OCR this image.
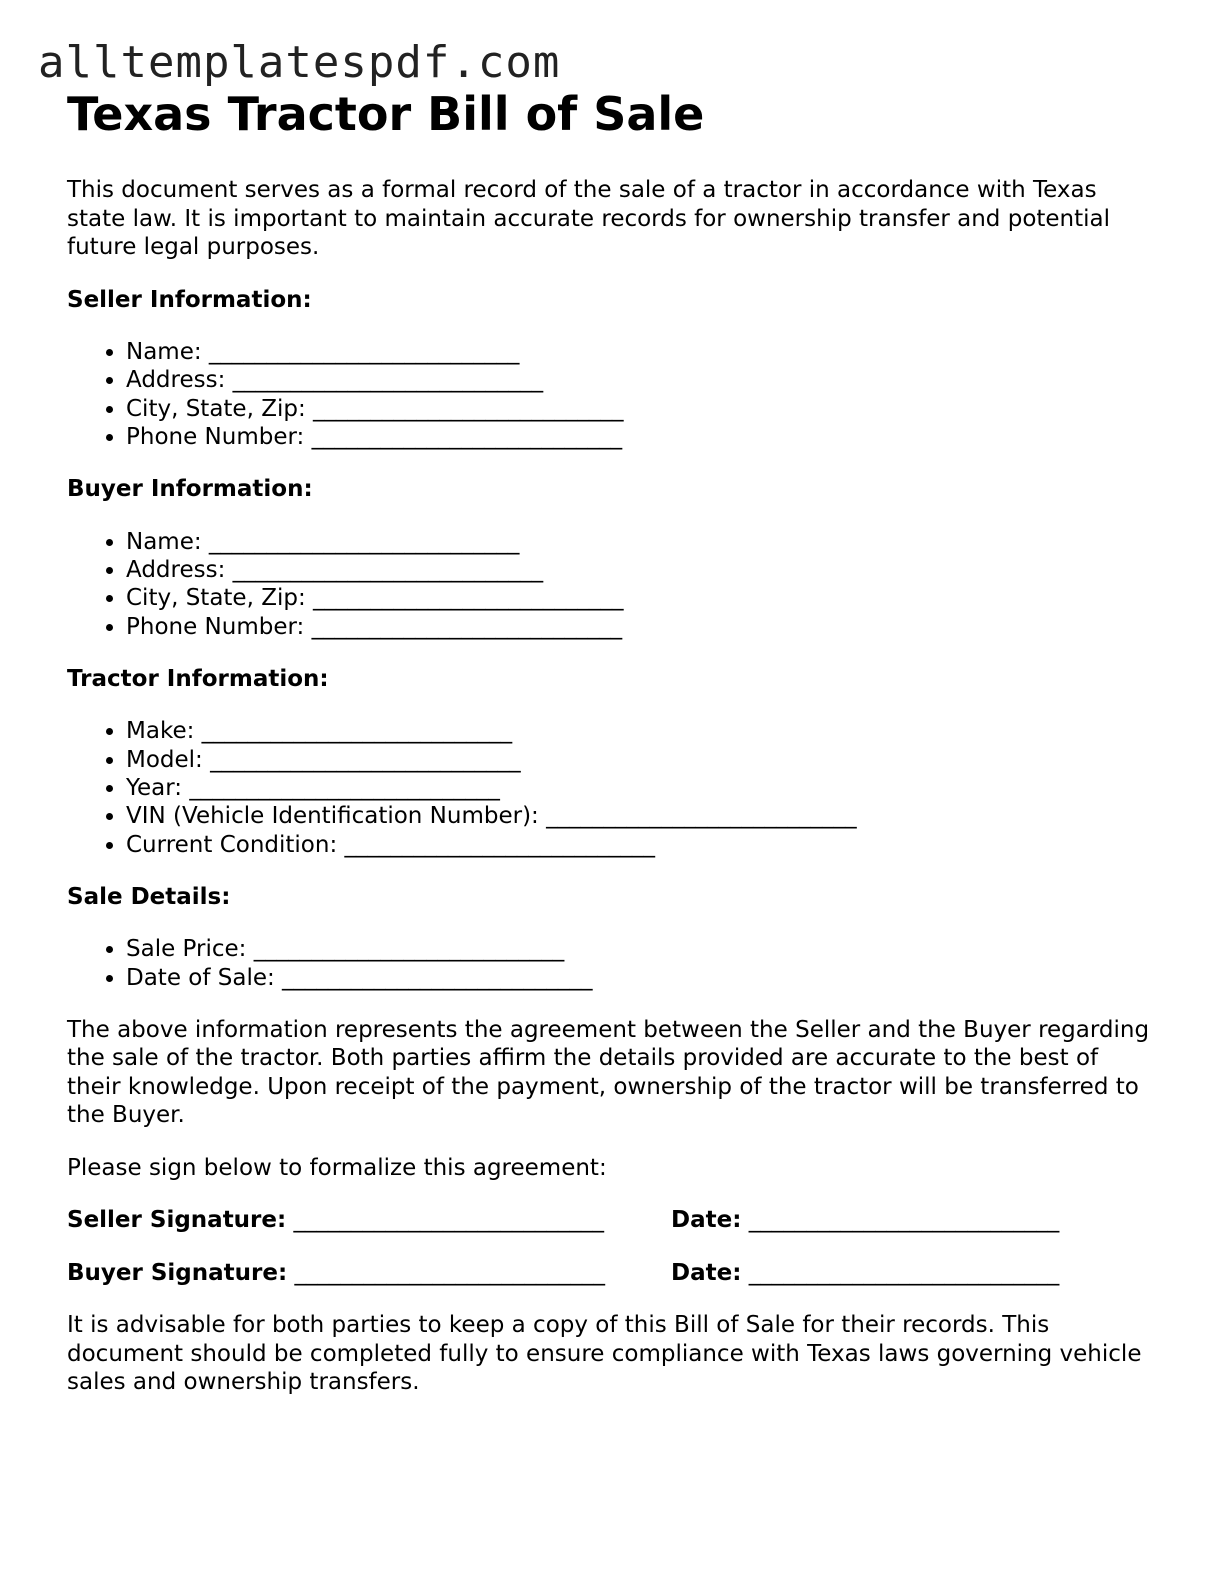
alltemplatespdf.com
Texas Tractor Bill of Sale

This document serves as a formal record of the sale of a tractor in accordance with Texas state law. It is important to maintain accurate records for ownership transfer and potential future legal purposes.

Seller Information:
• Name: ___________________________
• Address: ___________________________
• City, State, Zip: ___________________________
• Phone Number: ___________________________
Buyer Information:
• Name: ___________________________
• Address: ___________________________
• City, State, Zip: ___________________________
• Phone Number: ___________________________
Tractor Information:
• Make: ___________________________
• Model: ___________________________
• Year: ___________________________
• VIN (Vehicle Identification Number): ___________________________
• Current Condition: ___________________________
Sale Details:
• Sale Price: ___________________________
• Date of Sale: ___________________________

The above information represents the agreement between the Seller and the Buyer regarding the sale of the tractor. Both parties affirm the details provided are accurate to the best of their knowledge. Upon receipt of the payment, ownership of the tractor will be transferred to the Buyer.

Please sign below to formalize this agreement:

Seller Signature: ___________________________	Date: ___________________________
Buyer Signature: ___________________________	Date: ___________________________

It is advisable for both parties to keep a copy of this Bill of Sale for their records. This document should be completed fully to ensure compliance with Texas laws governing vehicle sales and ownership transfers.
